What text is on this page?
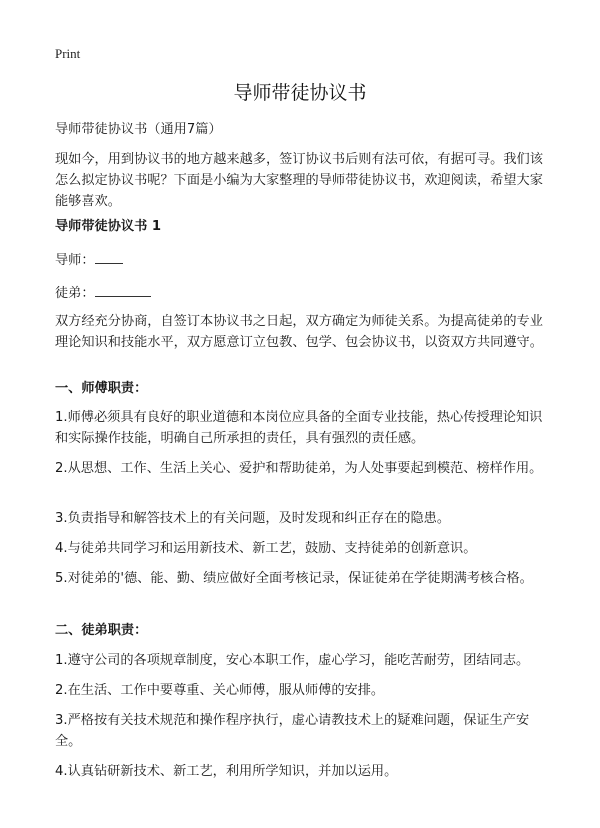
Print
导师带徒协议书
导师带徒协议书（通用7篇）
现如今，用到协议书的地方越来越多，签订协议书后则有法可依，有据可寻。我们该怎么拟定协议书呢？下面是小编为大家整理的导师带徒协议书，欢迎阅读，希望大家能够喜欢。
导师带徒协议书 1
导师：
徒弟：
双方经充分协商，自签订本协议书之日起，双方确定为师徒关系。为提高徒弟的专业理论知识和技能水平，双方愿意订立包教、包学、包会协议书，以资双方共同遵守。
一、师傅职责：
1.师傅必须具有良好的职业道德和本岗位应具备的全面专业技能，热心传授理论知识和实际操作技能，明确自己所承担的责任，具有强烈的责任感。
2.从思想、工作、生活上关心、爱护和帮助徒弟，为人处事要起到模范、榜样作用。
3.负责指导和解答技术上的有关问题，及时发现和纠正存在的隐患。
4.与徒弟共同学习和运用新技术、新工艺，鼓励、支持徒弟的创新意识。
5.对徒弟的'德、能、勤、绩应做好全面考核记录，保证徒弟在学徒期满考核合格。
二、徒弟职责：
1.遵守公司的各项规章制度，安心本职工作，虚心学习，能吃苦耐劳，团结同志。
2.在生活、工作中要尊重、关心师傅，服从师傅的安排。
3.严格按有关技术规范和操作程序执行，虚心请教技术上的疑难问题，保证生产安全。
4.认真钻研新技术、新工艺，利用所学知识，并加以运用。
